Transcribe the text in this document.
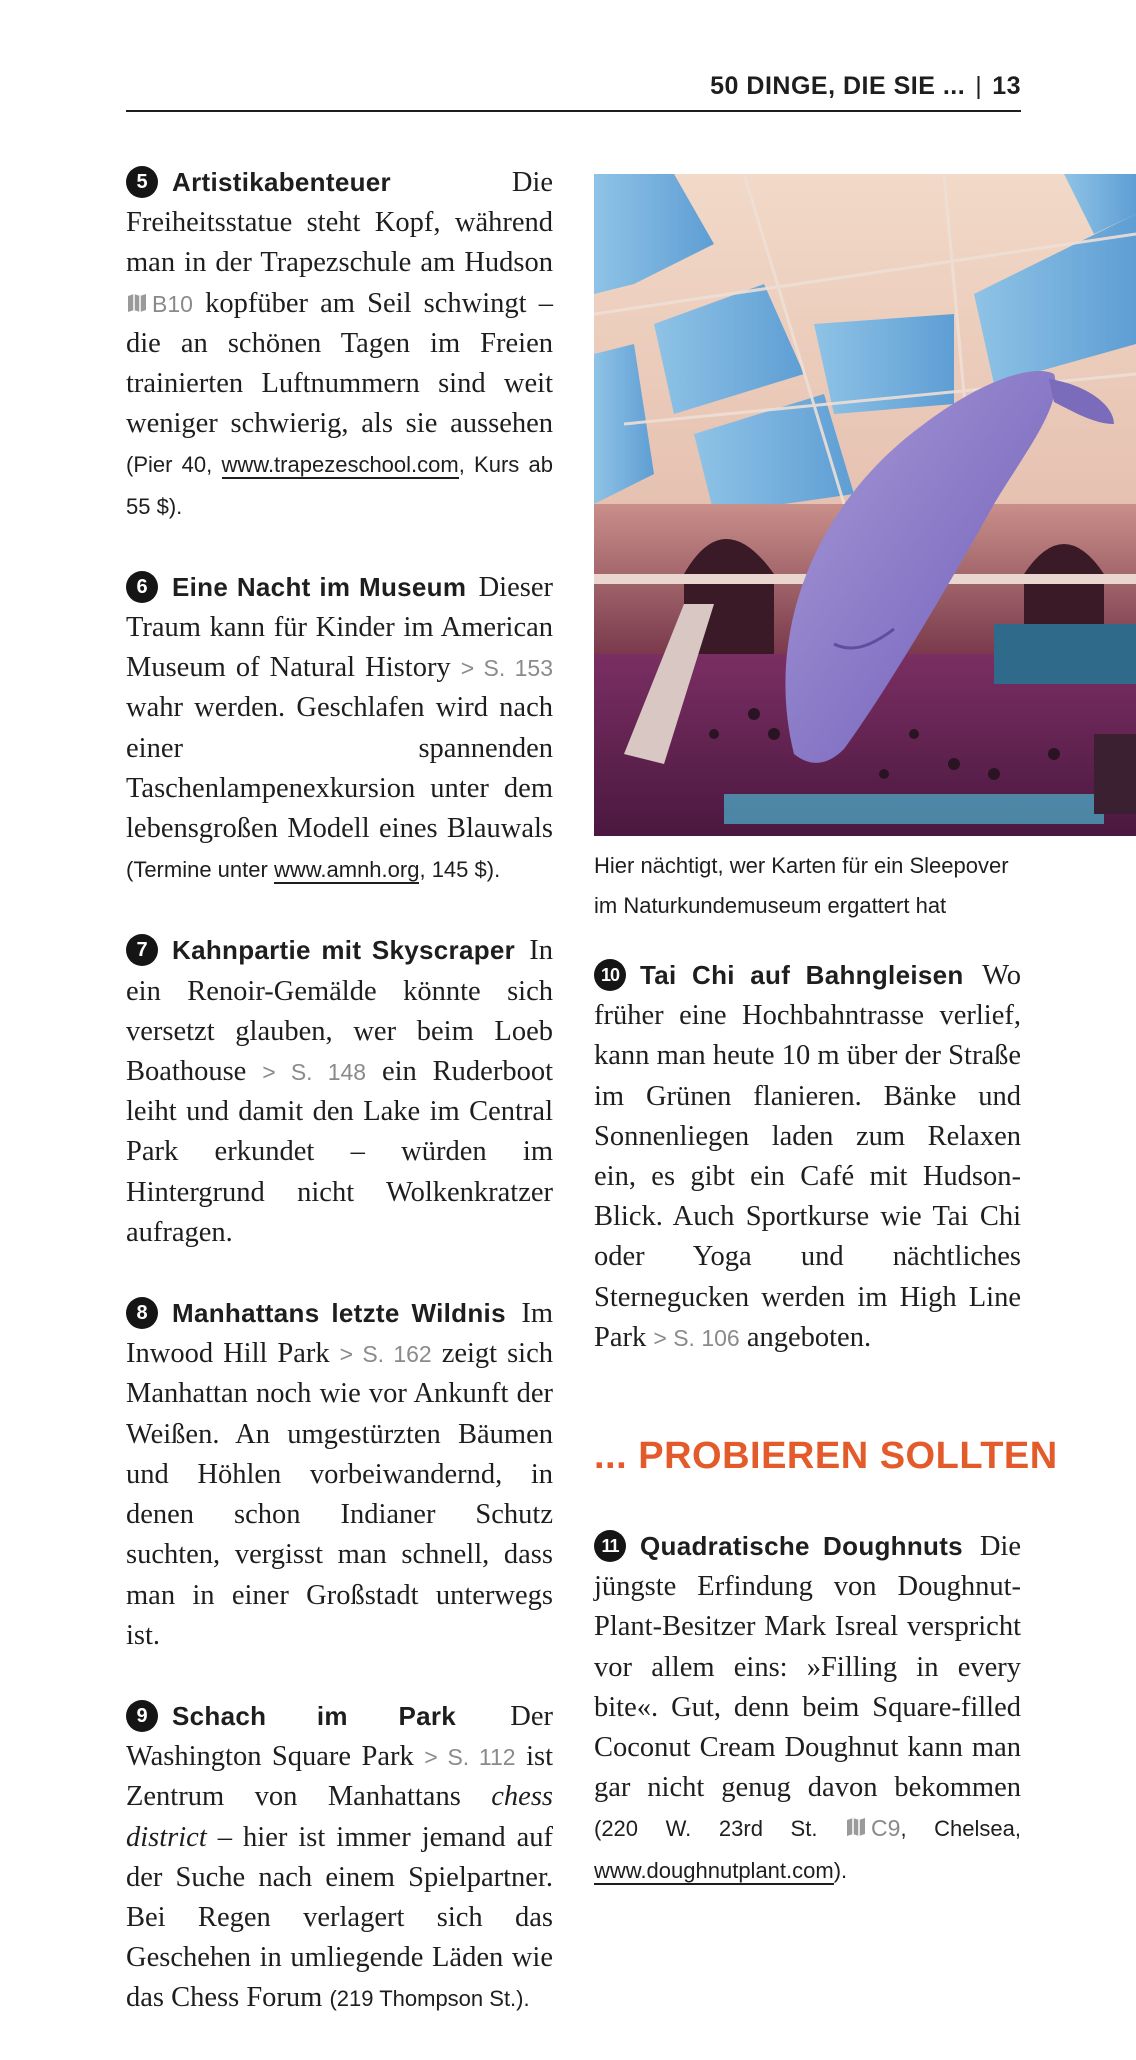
50 DINGE, DIE SIE ... | 13

5 Artistikabenteuer Die Freiheitsstatue steht Kopf, während man in der Trapezschule am Hudson B10 kopfüber am Seil schwingt – die an schönen Tagen im Freien trainierten Luftnummern sind weit weniger schwierig, als sie aussehen (Pier 40, www.trapezeschool.com, Kurs ab 55 $).

6 Eine Nacht im Museum Dieser Traum kann für Kinder im American Museum of Natural History > S. 153 wahr werden. Geschlafen wird nach einer spannenden Taschenlampenexkursion unter dem lebensgroßen Modell eines Blauwals (Termine unter www.amnh.org, 145 $).

7 Kahnpartie mit Skyscraper In ein Renoir-Gemälde könnte sich versetzt glauben, wer beim Loeb Boathouse > S. 148 ein Ruderboot leiht und damit den Lake im Central Park erkundet – würden im Hintergrund nicht Wolkenkratzer aufragen.

8 Manhattans letzte Wildnis Im Inwood Hill Park > S. 162 zeigt sich Manhattan noch wie vor Ankunft der Weißen. An umgestürzten Bäumen und Höhlen vorbeiwandernd, in denen schon Indianer Schutz suchten, vergisst man schnell, dass man in einer Großstadt unterwegs ist.

9 Schach im Park Der Washington Square Park > S. 112 ist Zentrum von Manhattans chess district – hier ist immer jemand auf der Suche nach einem Spielpartner. Bei Regen verlagert sich das Geschehen in umliegende Läden wie das Chess Forum (219 Thompson St.).

Hier nächtigt, wer Karten für ein Sleepover im Naturkundemuseum ergattert hat

10 Tai Chi auf Bahngleisen Wo früher eine Hochbahntrasse verlief, kann man heute 10 m über der Straße im Grünen flanieren. Bänke und Sonnenliegen laden zum Relaxen ein, es gibt ein Café mit Hudson-Blick. Auch Sportkurse wie Tai Chi oder Yoga und nächtliches Sternegucken werden im High Line Park > S. 106 angeboten.

... PROBIEREN SOLLTEN

11 Quadratische Doughnuts Die jüngste Erfindung von Doughnut-Plant-Besitzer Mark Isreal verspricht vor allem eins: »Filling in every bite«. Gut, denn beim Square-filled Coconut Cream Doughnut kann man gar nicht genug davon bekommen (220 W. 23rd St. C9, Chelsea, www.doughnutplant.com).
